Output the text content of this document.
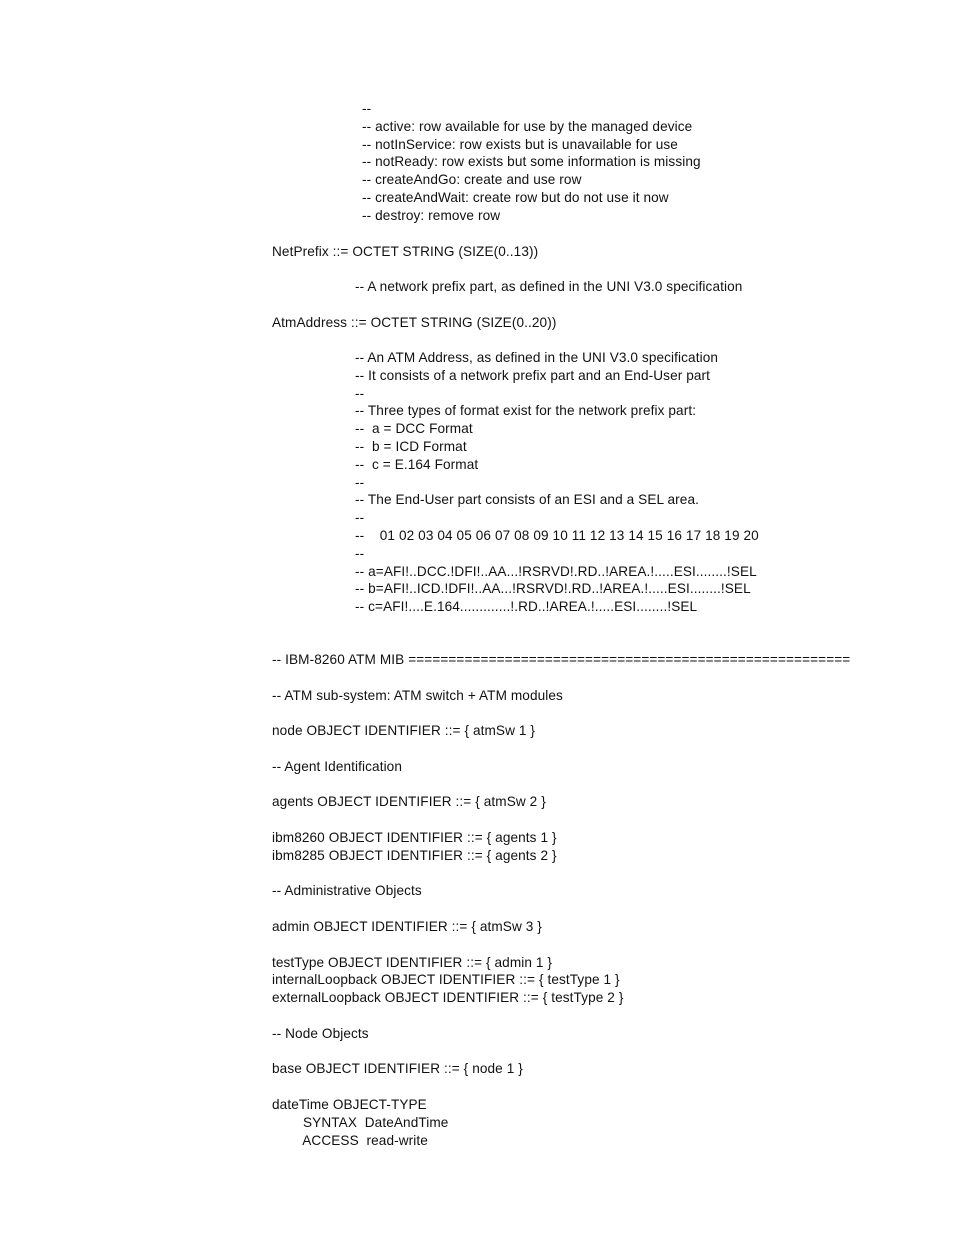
--
-- active: row available for use by the managed device
-- notInService: row exists but is unavailable for use
-- notReady: row exists but some information is missing
-- createAndGo: create and use row
-- createAndWait: create row but do not use it now
-- destroy: remove row
NetPrefix ::= OCTET STRING (SIZE(0..13))
-- A network prefix part, as defined in the UNI V3.0 specification
AtmAddress ::= OCTET STRING (SIZE(0..20))
-- An ATM Address, as defined in the UNI V3.0 specification
-- It consists of a network prefix part and an End-User part
--
-- Three types of format exist for the network prefix part:
--  a = DCC Format
--  b = ICD Format
--  c = E.164 Format
--
-- The End-User part consists of an ESI and a SEL area.
--
--    01 02 03 04 05 06 07 08 09 10 11 12 13 14 15 16 17 18 19 20
--
-- a=AFI!..DCC.!DFI!..AA...!RSRVD!.RD..!AREA.!.....ESI........!SEL
-- b=AFI!..ICD.!DFI!..AA...!RSRVD!.RD..!AREA.!.....ESI........!SEL
-- c=AFI!....E.164.............!.RD..!AREA.!.....ESI........!SEL
-- IBM-8260 ATM MIB =======================================================
-- ATM sub-system: ATM switch + ATM modules
node OBJECT IDENTIFIER ::= { atmSw 1 }
-- Agent Identification
agents OBJECT IDENTIFIER ::= { atmSw 2 }
ibm8260 OBJECT IDENTIFIER ::= { agents 1 }
ibm8285 OBJECT IDENTIFIER ::= { agents 2 }
-- Administrative Objects
admin OBJECT IDENTIFIER ::= { atmSw 3 }
testType OBJECT IDENTIFIER ::= { admin 1 }
internalLoopback OBJECT IDENTIFIER ::= { testType 1 }
externalLoopback OBJECT IDENTIFIER ::= { testType 2 }
-- Node Objects
base OBJECT IDENTIFIER ::= { node 1 }
dateTime OBJECT-TYPE
SYNTAX  DateAndTime
ACCESS  read-write
